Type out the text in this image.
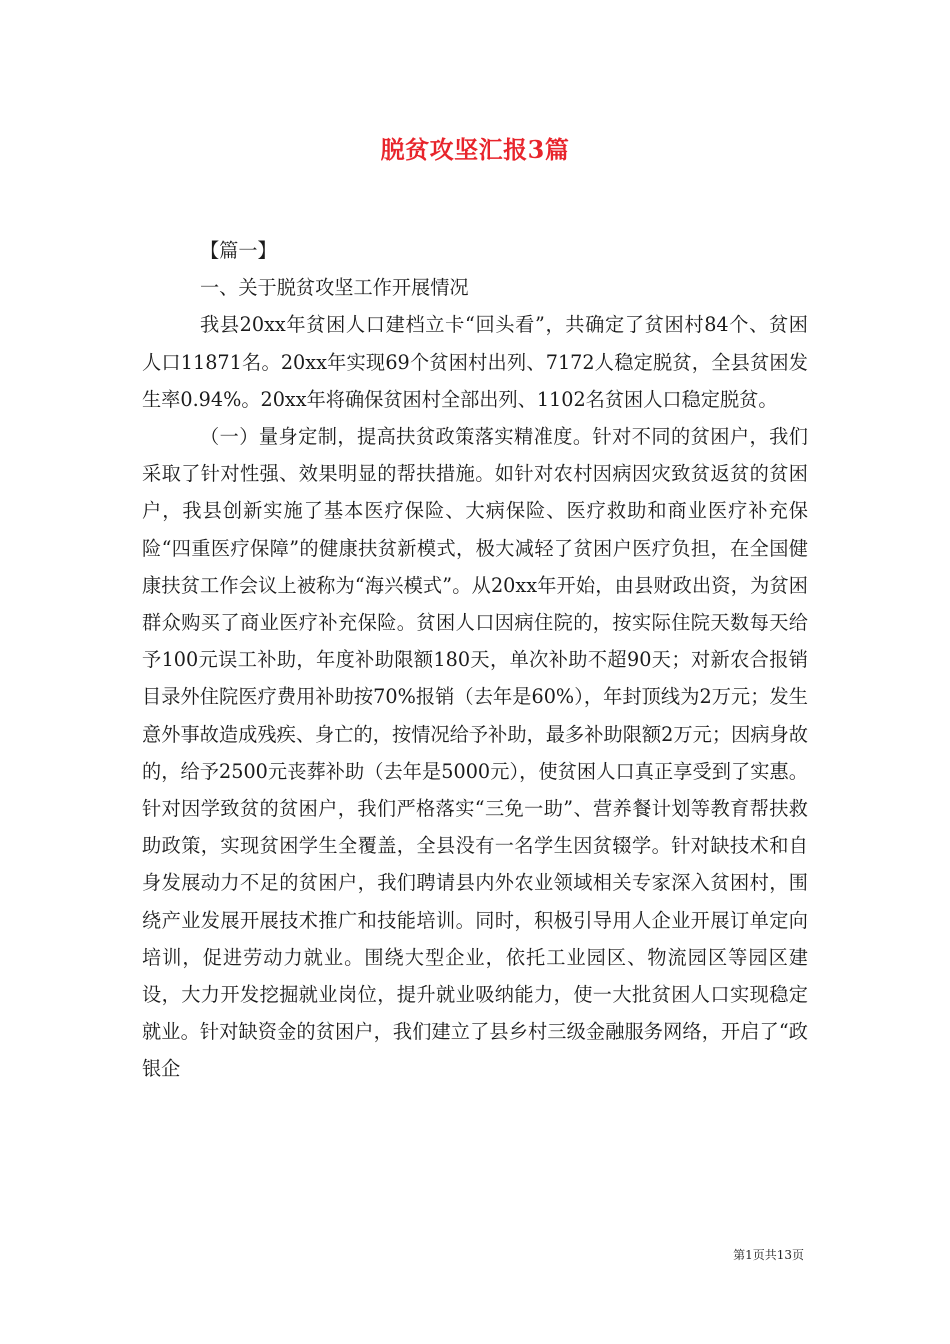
脱贫攻坚汇报3篇

【篇一】

一、关于脱贫攻坚工作开展情况

我县20xx年贫困人口建档立卡“回头看”，共确定了贫困村84个、贫困人口11871名。20xx年实现69个贫困村出列、7172人稳定脱贫，全县贫困发生率0.94%。20xx年将确保贫困村全部出列、1102名贫困人口稳定脱贫。

（一）量身定制，提高扶贫政策落实精准度。针对不同的贫困户，我们采取了针对性强、效果明显的帮扶措施。如针对农村因病因灾致贫返贫的贫困户，我县创新实施了基本医疗保险、大病保险、医疗救助和商业医疗补充保险“四重医疗保障”的健康扶贫新模式，极大减轻了贫困户医疗负担，在全国健康扶贫工作会议上被称为“海兴模式”。从20xx年开始，由县财政出资，为贫困群众购买了商业医疗补充保险。贫困人口因病住院的，按实际住院天数每天给予100元误工补助，年度补助限额180天，单次补助不超90天；对新农合报销目录外住院医疗费用补助按70%报销（去年是60%），年封顶线为2万元；发生意外事故造成残疾、身亡的，按情况给予补助，最多补助限额2万元；因病身故的，给予2500元丧葬补助（去年是5000元），使贫困人口真正享受到了实惠。针对因学致贫的贫困户，我们严格落实“三免一助”、营养餐计划等教育帮扶救助政策，实现贫困学生全覆盖，全县没有一名学生因贫辍学。针对缺技术和自身发展动力不足的贫困户，我们聘请县内外农业领域相关专家深入贫困村，围绕产业发展开展技术推广和技能培训。同时，积极引导用人企业开展订单定向培训，促进劳动力就业。围绕大型企业，依托工业园区、物流园区等园区建设，大力开发挖掘就业岗位，提升就业吸纳能力，使一大批贫困人口实现稳定就业。针对缺资金的贫困户，我们建立了县乡村三级金融服务网络，开启了“政银企

第1页共13页
